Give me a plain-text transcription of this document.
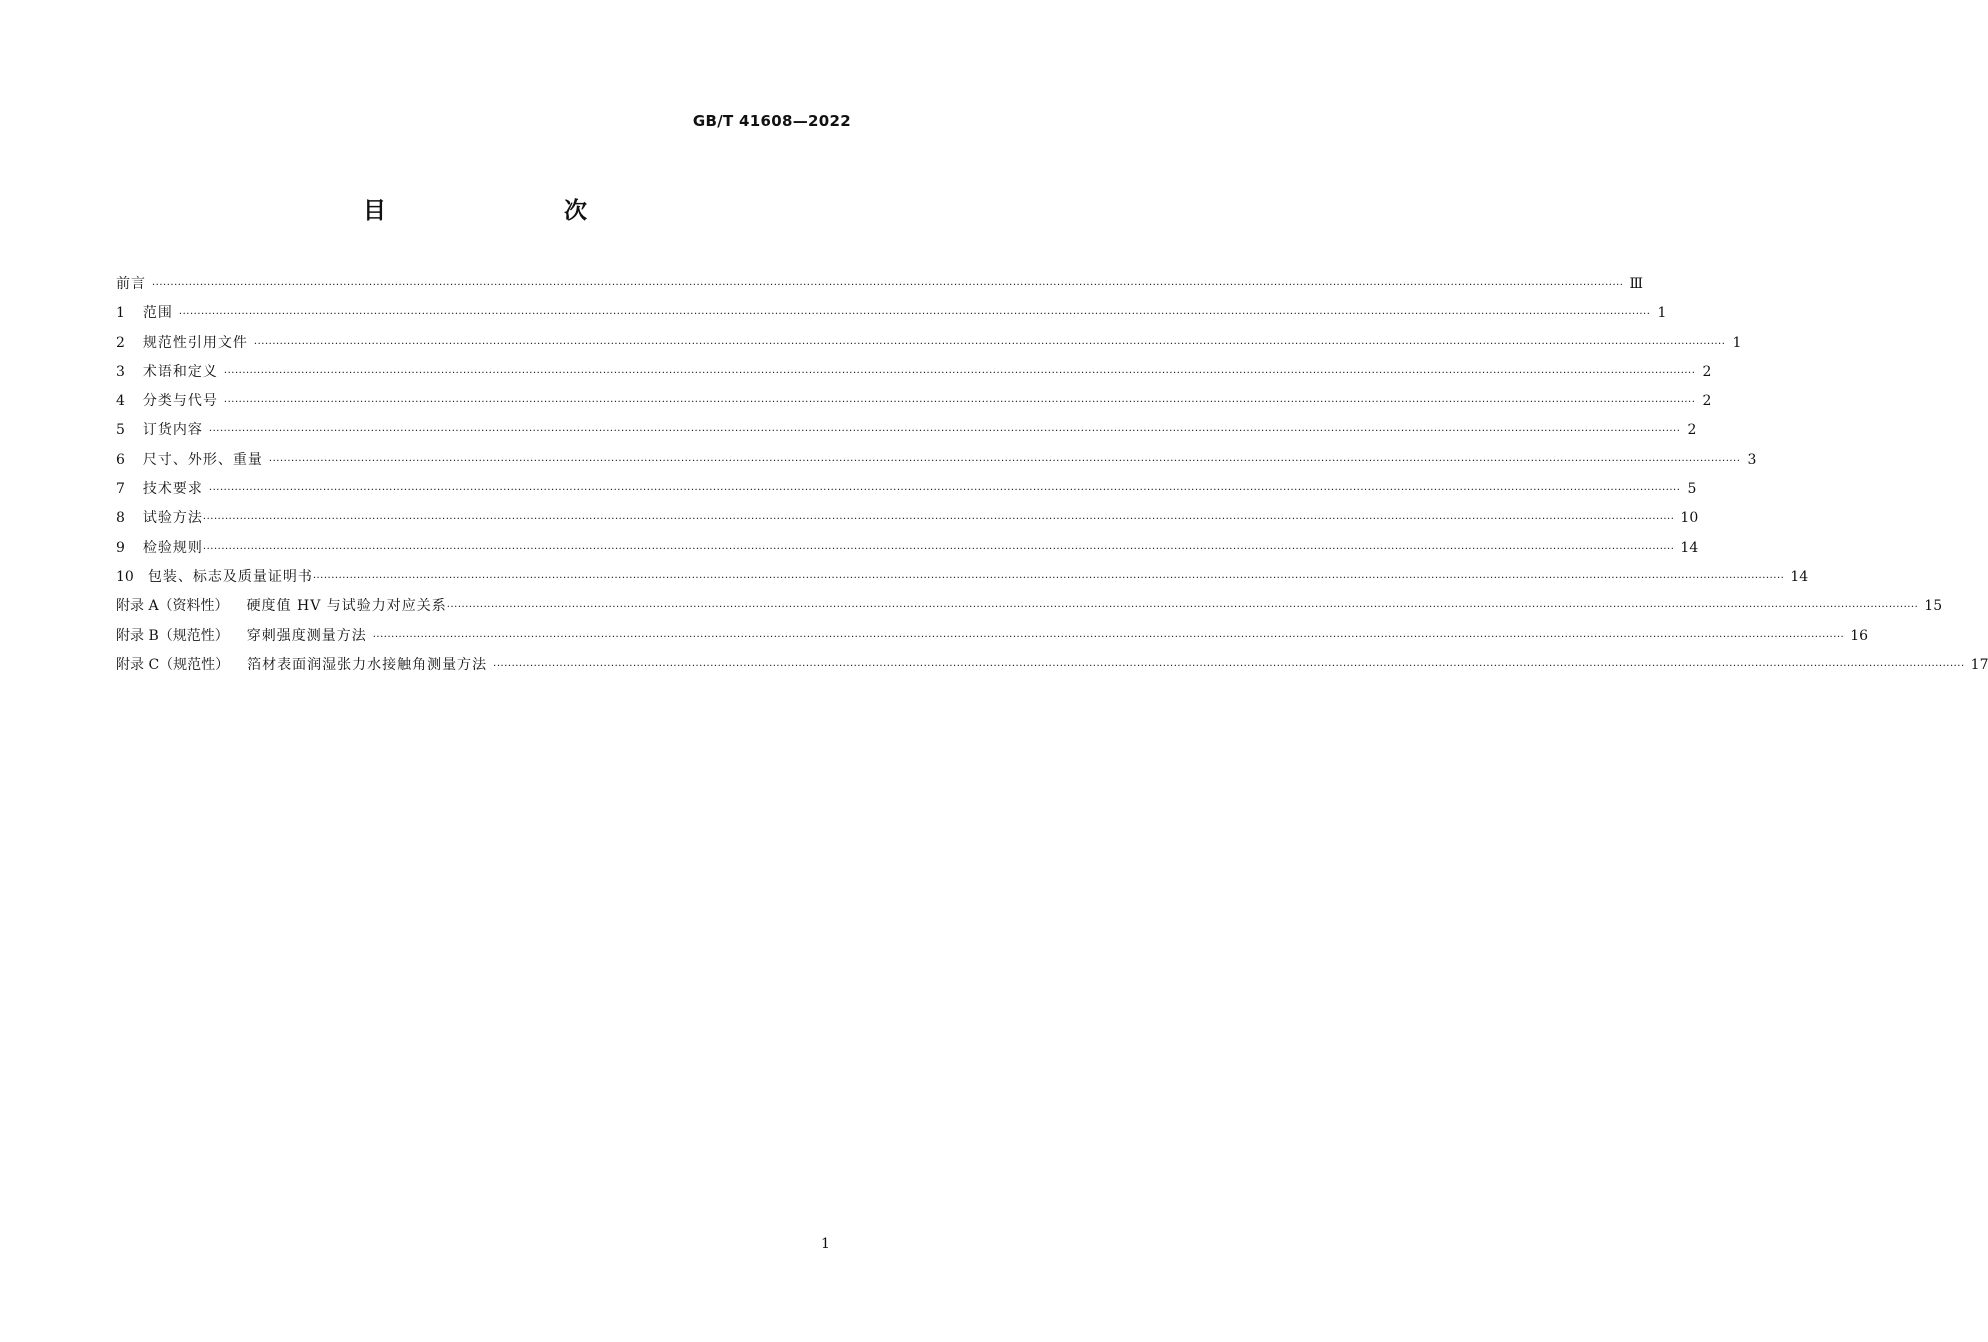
GB/T 41608—2022
目　　次
前言 ················································································································································································································································································································································································································ Ⅲ
1 范围 ················································································································································································································································································································································································································ 1
2 规范性引用文件 ················································································································································································································································································································································································································ 1
3 术语和定义 ················································································································································································································································································································································································································ 2
4 分类与代号 ················································································································································································································································································································································································································ 2
5 订货内容 ················································································································································································································································································································································································································ 2
6 尺寸、外形、重量 ················································································································································································································································································································································································································ 3
7 技术要求 ················································································································································································································································································································································································································ 5
8 试验方法 ················································································································································································································································································································································································································ 10
9 检验规则 ················································································································································································································································································································································································································ 14
10 包装、标志及质量证明书 ················································································································································································································································································································································································································ 14
附录 A（资料性） 硬度值 HV 与试验力对应关系 ················································································································································································································································································································································································································ 15
附录 B（规范性） 穿刺强度测量方法 ················································································································································································································································································································································································································ 16
附录 C（规范性） 箔材表面润湿张力水接触角测量方法 ················································································································································································································································································································································································································ 17
1
